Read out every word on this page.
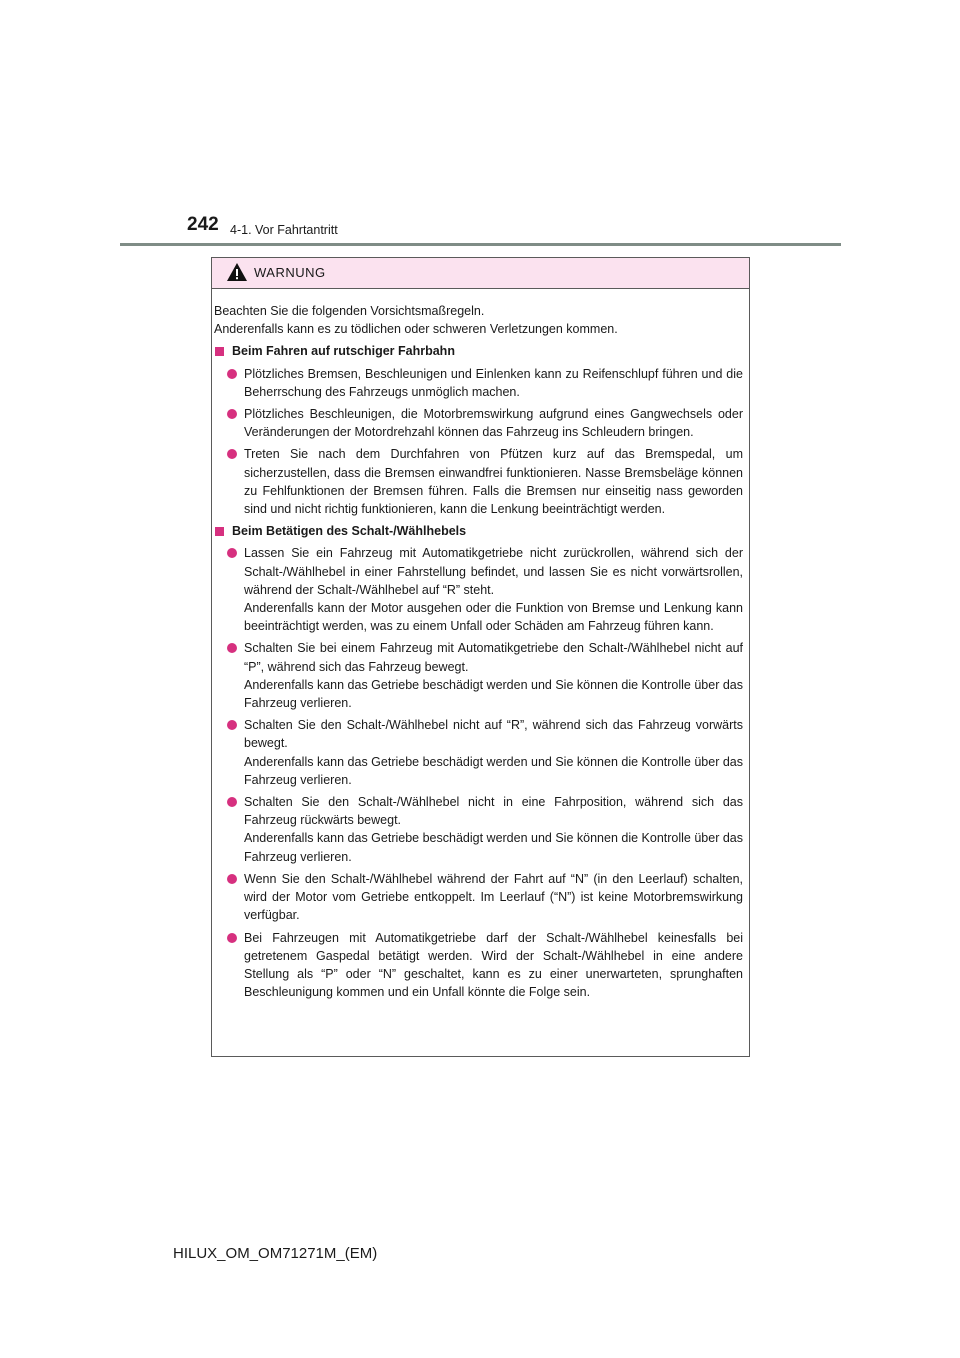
242 4-1. Vor Fahrtantritt
WARNUNG
Beachten Sie die folgenden Vorsichtsmaßregeln.
Anderenfalls kann es zu tödlichen oder schweren Verletzungen kommen.
Beim Fahren auf rutschiger Fahrbahn

Plötzliches Bremsen, Beschleunigen und Einlenken kann zu Reifenschlupf führen und die Beherrschung des Fahrzeugs unmöglich machen.

Plötzliches Beschleunigen, die Motorbremswirkung aufgrund eines Gangwechsels oder Veränderungen der Motordrehzahl können das Fahrzeug ins Schleudern bringen.

Treten Sie nach dem Durchfahren von Pfützen kurz auf das Bremspedal, um sicherzustellen, dass die Bremsen einwandfrei funktionieren. Nasse Bremsbeläge können zu Fehlfunktionen der Bremsen führen. Falls die Bremsen nur einseitig nass geworden sind und nicht richtig funktionieren, kann die Lenkung beeinträchtigt werden.

Beim Betätigen des Schalt-/Wählhebels

Lassen Sie ein Fahrzeug mit Automatikgetriebe nicht zurückrollen, während sich der Schalt-/Wählhebel in einer Fahrstellung befindet, und lassen Sie es nicht vorwärtsrollen, während der Schalt-/Wählhebel auf “R” steht.

Anderenfalls kann der Motor ausgehen oder die Funktion von Bremse und Lenkung kann beeinträchtigt werden, was zu einem Unfall oder Schäden am Fahrzeug führen kann.

Schalten Sie bei einem Fahrzeug mit Automatikgetriebe den Schalt-/Wählhebel nicht auf “P”, während sich das Fahrzeug bewegt.

Anderenfalls kann das Getriebe beschädigt werden und Sie können die Kontrolle über das Fahrzeug verlieren.

Schalten Sie den Schalt-/Wählhebel nicht auf “R”, während sich das Fahrzeug vorwärts bewegt.

Anderenfalls kann das Getriebe beschädigt werden und Sie können die Kontrolle über das Fahrzeug verlieren.

Schalten Sie den Schalt-/Wählhebel nicht in eine Fahrposition, während sich das Fahrzeug rückwärts bewegt.

Anderenfalls kann das Getriebe beschädigt werden und Sie können die Kontrolle über das Fahrzeug verlieren.

Wenn Sie den Schalt-/Wählhebel während der Fahrt auf “N” (in den Leerlauf) schalten, wird der Motor vom Getriebe entkoppelt. Im Leerlauf (“N”) ist keine Motorbremswirkung verfügbar.

Bei Fahrzeugen mit Automatikgetriebe darf der Schalt-/Wählhebel keinesfalls bei getretenem Gaspedal betätigt werden. Wird der Schalt-/Wählhebel in eine andere Stellung als “P” oder “N” geschaltet, kann es zu einer unerwarteten, sprunghaften Beschleunigung kommen und ein Unfall könnte die Folge sein.

HILUX_OM_OM71271M_(EM)
